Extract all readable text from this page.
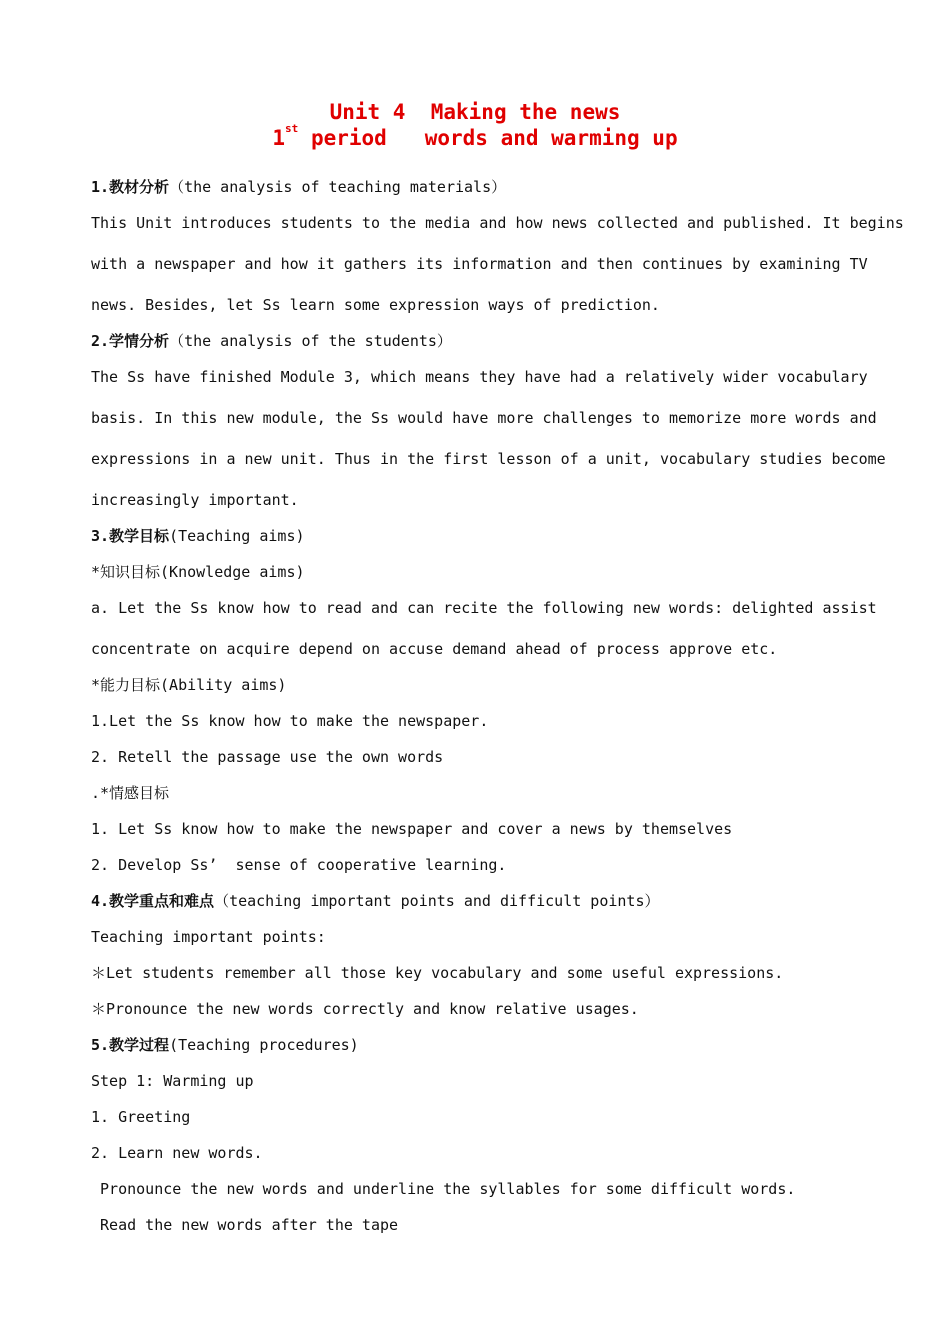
Unit 4  Making the news
1st period   words and warming up
1.教材分析（the analysis of teaching materials）
This Unit introduces students to the media and how news collected and published. It begins
with a newspaper and how it gathers its information and then continues by examining TV
news. Besides, let Ss learn some expression ways of prediction.
2.学情分析（the analysis of the students）
The Ss have finished Module 3, which means they have had a relatively wider vocabulary
basis. In this new module, the Ss would have more challenges to memorize more words and
expressions in a new unit. Thus in the first lesson of a unit, vocabulary studies become
increasingly important.
3.教学目标(Teaching aims)
*知识目标(Knowledge aims)
a. Let the Ss know how to read and can recite the following new words: delighted assist
concentrate on acquire depend on accuse demand ahead of process approve etc.
*能力目标(Ability aims)
1.Let the Ss know how to make the newspaper.
2. Retell the passage use the own words
.*情感目标
1. Let Ss know how to make the newspaper and cover a news by themselves
2. Develop Ss’  sense of cooperative learning.
4.教学重点和难点（teaching important points and difficult points）
Teaching important points:
＊Let students remember all those key vocabulary and some useful expressions.
＊Pronounce the new words correctly and know relative usages.
5.教学过程(Teaching procedures)
Step 1: Warming up
1. Greeting
2. Learn new words.
Pronounce the new words and underline the syllables for some difficult words.
Read the new words after the tape
